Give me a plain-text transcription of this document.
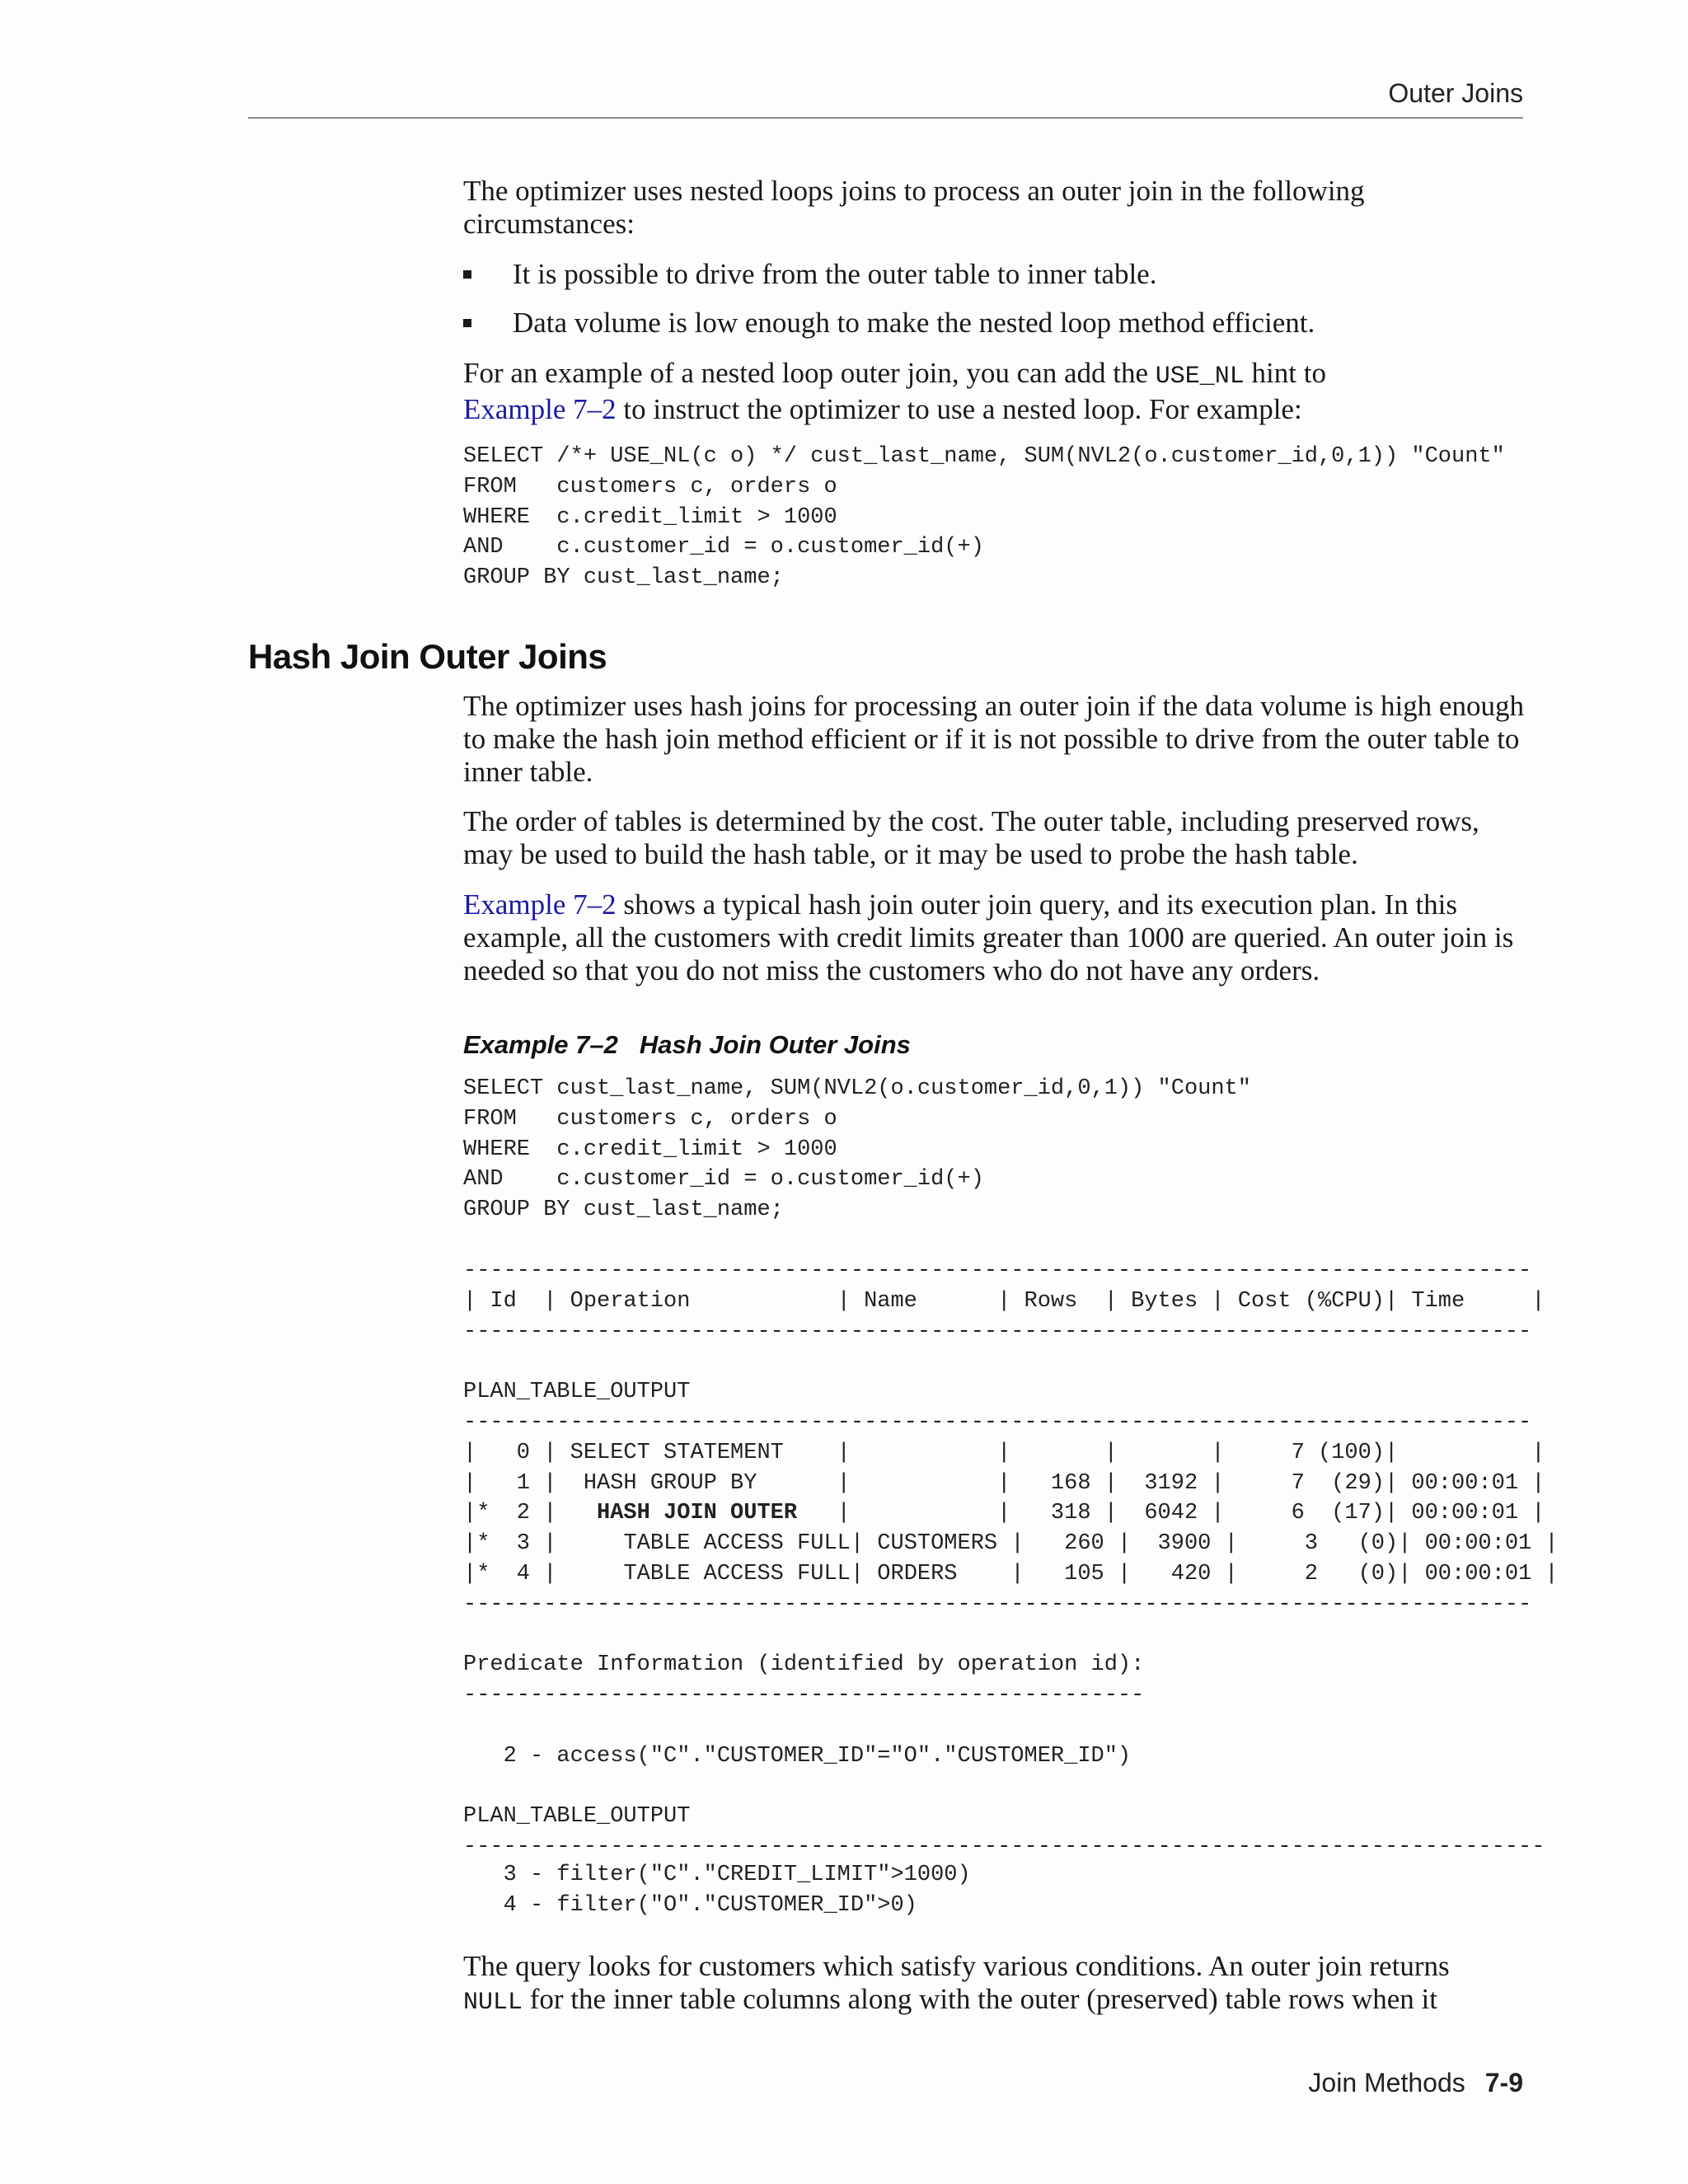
Outer Joins

The optimizer uses nested loops joins to process an outer join in the following circumstances:

It is possible to drive from the outer table to inner table.
Data volume is low enough to make the nested loop method efficient.

For an example of a nested loop outer join, you can add the USE_NL hint to
Example 7–2 to instruct the optimizer to use a nested loop. For example:

SELECT /*+ USE_NL(c o) */ cust_last_name, SUM(NVL2(o.customer_id,0,1)) "Count"
FROM   customers c, orders o
WHERE  c.credit_limit > 1000
AND    c.customer_id = o.customer_id(+)
GROUP BY cust_last_name;
Hash Join Outer Joins

The optimizer uses hash joins for processing an outer join if the data volume is high enough to make the hash join method efficient or if it is not possible to drive from the outer table to inner table.

The order of tables is determined by the cost. The outer table, including preserved rows, may be used to build the hash table, or it may be used to probe the hash table.

Example 7–2 shows a typical hash join outer join query, and its execution plan. In this example, all the customers with credit limits greater than 1000 are queried. An outer join is needed so that you do not miss the customers who do not have any orders.

Example 7–2 Hash Join Outer Joins
SELECT cust_last_name, SUM(NVL2(o.customer_id,0,1)) "Count"
FROM   customers c, orders o
WHERE  c.credit_limit > 1000
AND    c.customer_id = o.customer_id(+)
GROUP BY cust_last_name;
--------------------------------------------------------------------------------
| Id  | Operation           | Name      | Rows  | Bytes | Cost (%CPU)| Time     |
--------------------------------------------------------------------------------

PLAN_TABLE_OUTPUT
--------------------------------------------------------------------------------
|   0 | SELECT STATEMENT    |           |       |       |     7 (100)|          |
|   1 |  HASH GROUP BY      |           |   168 |  3192 |     7  (29)| 00:00:01 |
|*  2 |   HASH JOIN OUTER   |           |   318 |  6042 |     6  (17)| 00:00:01 |
|*  3 |     TABLE ACCESS FULL| CUSTOMERS |   260 |  3900 |     3   (0)| 00:00:01 |
|*  4 |     TABLE ACCESS FULL| ORDERS    |   105 |   420 |     2   (0)| 00:00:01 |
--------------------------------------------------------------------------------

Predicate Information (identified by operation id):
---------------------------------------------------

2 - access("C"."CUSTOMER_ID"="O"."CUSTOMER_ID")

PLAN_TABLE_OUTPUT
---------------------------------------------------------------------------------
3 - filter("C"."CREDIT_LIMIT">1000)
4 - filter("O"."CUSTOMER_ID">0)

The query looks for customers which satisfy various conditions. An outer join returns
NULL for the inner table columns along with the outer (preserved) table rows when it

Join Methods 7-9
